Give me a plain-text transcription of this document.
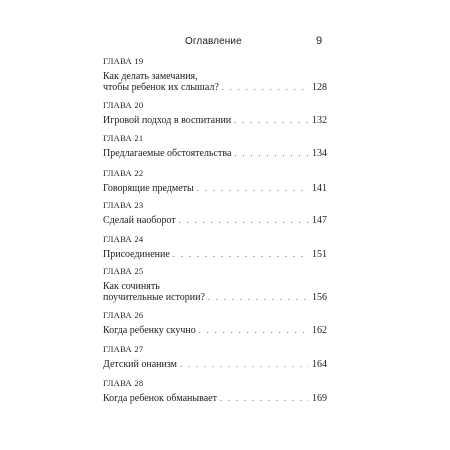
Оглавление	9
ГЛАВА 19
Как делать замечания,
чтобы ребенок их слышал? . . .	128
ГЛАВА 20
Игровой подход в воспитании . . .	132
ГЛАВА 21
Предлагаемые обстоятельства . . .	134
ГЛАВА 22
Говорящие предметы . . .	141
ГЛАВА 23
Сделай наоборот . . .	147
ГЛАВА 24
Присоединение . . .	151
ГЛАВА 25
Как сочинять
поучительные истории? . . .	156
ГЛАВА 26
Когда ребенку скучно . . .	162
ГЛАВА 27
Детский онанизм . . .	164
ГЛАВА 28
Когда ребенок обманывает . . .	169
